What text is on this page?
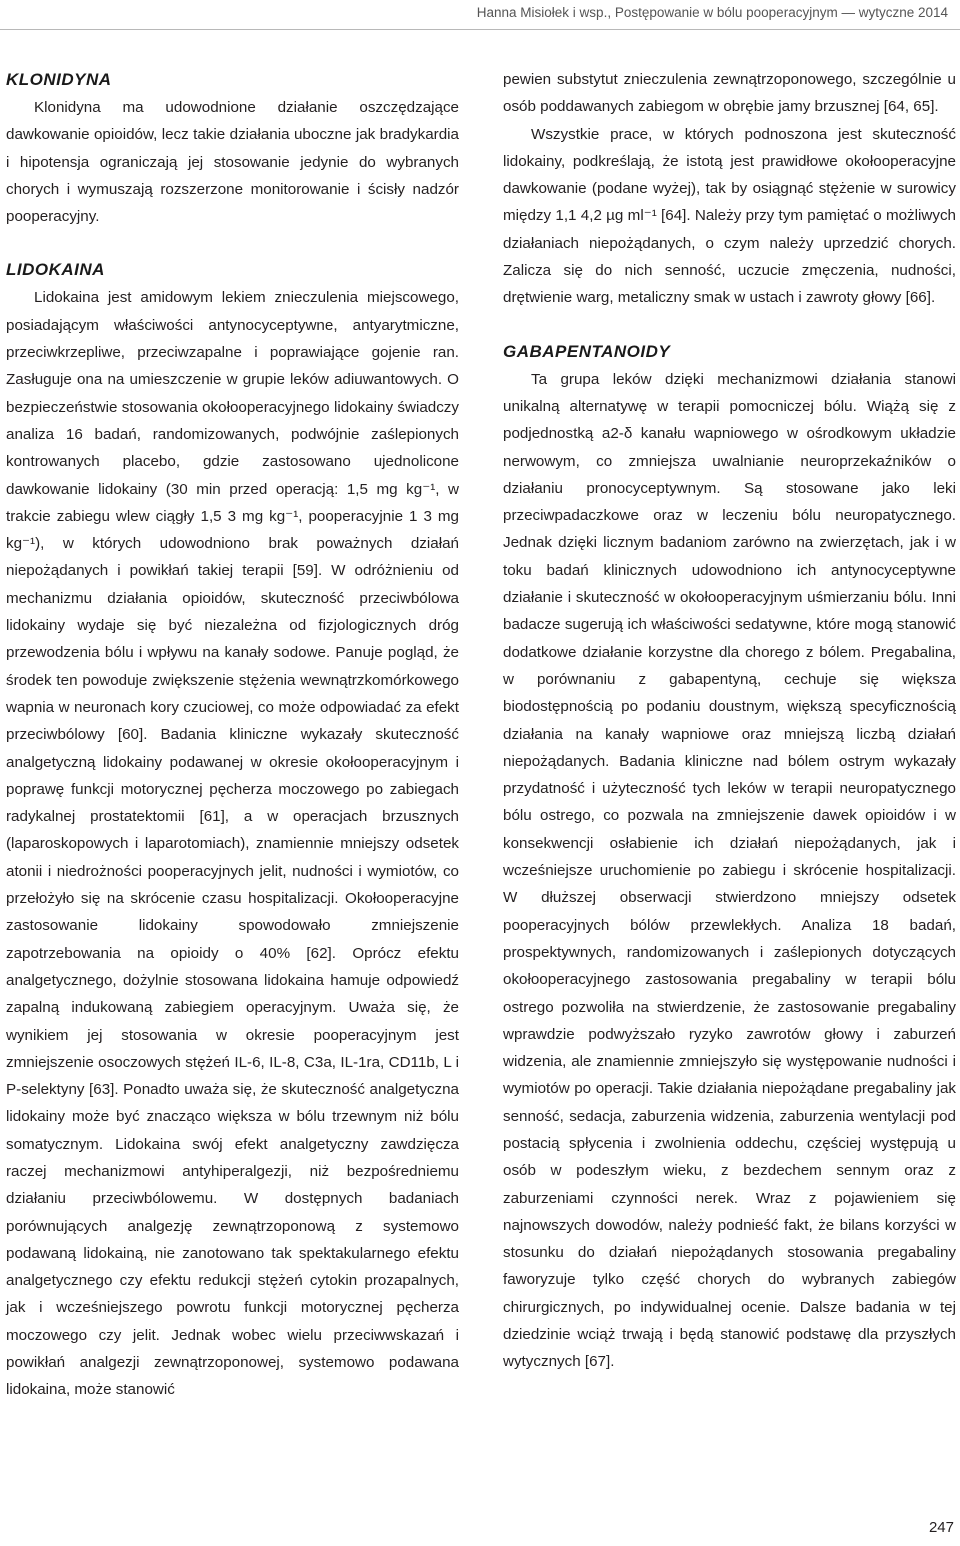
Hanna Misiołek i wsp., Postępowanie w bólu pooperacyjnym — wytyczne 2014
KLONIDYNA

Klonidyna ma udowodnione działanie oszczędzające dawkowanie opioidów, lecz takie działania uboczne jak bradykardia i hipotensja ograniczają jej stosowanie jedynie do wybranych chorych i wymuszają rozszerzone monitorowanie i ścisły nadzór pooperacyjny.

LIDOKAINA

Lidokaina jest amidowym lekiem znieczulenia miejscowego, posiadającym właściwości antynocyceptywne, antyarytmiczne, przeciwkrzepliwe, przeciwzapalne i poprawiające gojenie ran. Zasługuje ona na umieszczenie w grupie leków adiuwantowych. O bezpieczeństwie stosowania okołooperacyjnego lidokainy świadczy analiza 16 badań, randomizowanych, podwójnie zaślepionych kontrowanych placebo, gdzie zastosowano ujednolicone dawkowanie lidokainy (30 min przed operacją: 1,5 mg kg⁻¹, w trakcie zabiegu wlew ciągły 1,5 3 mg kg⁻¹, pooperacyjnie 1 3 mg kg⁻¹), w których udowodniono brak poważnych działań niepożądanych i powikłań takiej terapii [59]. W odróżnieniu od mechanizmu działania opioidów, skuteczność przeciwbólowa lidokainy wydaje się być niezależna od fizjologicznych dróg przewodzenia bólu i wpływu na kanały sodowe. Panuje pogląd, że środek ten powoduje zwiększenie stężenia wewnątrzkomórkowego wapnia w neuronach kory czuciowej, co może odpowiadać za efekt przeciwbólowy [60]. Badania kliniczne wykazały skuteczność analgetyczną lidokainy podawanej w okresie okołooperacyjnym i poprawę funkcji motorycznej pęcherza moczowego po zabiegach radykalnej prostatektomii [61], a w operacjach brzusznych (laparoskopowych i laparotomiach), znamiennie mniejszy odsetek atonii i niedrożności pooperacyjnych jelit, nudności i wymiotów, co przełożyło się na skrócenie czasu hospitalizacji. Okołooperacyjne zastosowanie lidokainy spowodowało zmniejszenie zapotrzebowania na opioidy o 40% [62]. Oprócz efektu analgetycznego, dożylnie stosowana lidokaina hamuje odpowiedź zapalną indukowaną zabiegiem operacyjnym. Uważa się, że wynikiem jej stosowania w okresie pooperacyjnym jest zmniejszenie osoczowych stężeń IL-6, IL-8, C3a, IL-1ra, CD11b, L i P-selektyny [63]. Ponadto uważa się, że skuteczność analgetyczna lidokainy może być znacząco większa w bólu trzewnym niż bólu somatycznym. Lidokaina swój efekt analgetyczny zawdzięcza raczej mechanizmowi antyhiperalgezji, niż bezpośredniemu działaniu przeciwbólowemu. W dostępnych badaniach porównujących analgezję zewnątrzoponową z systemowo podawaną lidokainą, nie zanotowano tak spektakularnego efektu analgetycznego czy efektu redukcji stężeń cytokin prozapalnych, jak i wcześniejszego powrotu funkcji motorycznej pęcherza moczowego czy jelit. Jednak wobec wielu przeciwwskazań i powikłań analgezji zewnątrzoponowej, systemowo podawana lidokaina, może stanowić

pewien substytut znieczulenia zewnątrzoponowego, szczególnie u osób poddawanych zabiegom w obrębie jamy brzusznej [64, 65].

Wszystkie prace, w których podnoszona jest skuteczność lidokainy, podkreślają, że istotą jest prawidłowe okołooperacyjne dawkowanie (podane wyżej), tak by osiągnąć stężenie w surowicy między 1,1 4,2 µg ml⁻¹ [64]. Należy przy tym pamiętać o możliwych działaniach niepożądanych, o czym należy uprzedzić chorych. Zalicza się do nich senność, uczucie zmęczenia, nudności, drętwienie warg, metaliczny smak w ustach i zawroty głowy [66].

GABAPENTANOIDY

Ta grupa leków dzięki mechanizmowi działania stanowi unikalną alternatywę w terapii pomocniczej bólu. Wiążą się z podjednostką a2-δ kanału wapniowego w ośrodkowym układzie nerwowym, co zmniejsza uwalnianie neuroprzekaźników o działaniu pronocyceptywnym. Są stosowane jako leki przeciwpadaczkowe oraz w leczeniu bólu neuropatycznego. Jednak dzięki licznym badaniom zarówno na zwierzętach, jak i w toku badań klinicznych udowodniono ich antynocyceptywne działanie i skuteczność w okołooperacyjnym uśmierzaniu bólu. Inni badacze sugerują ich właściwości sedatywne, które mogą stanowić dodatkowe działanie korzystne dla chorego z bólem. Pregabalina, w porównaniu z gabapentyną, cechuje się większa biodostępnością po podaniu doustnym, większą specyficznością działania na kanały wapniowe oraz mniejszą liczbą działań niepożądanych. Badania kliniczne nad bólem ostrym wykazały przydatność i użyteczność tych leków w terapii neuropatycznego bólu ostrego, co pozwala na zmniejszenie dawek opioidów i w konsekwencji osłabienie ich działań niepożądanych, jak i wcześniejsze uruchomienie po zabiegu i skrócenie hospitalizacji. W dłuższej obserwacji stwierdzono mniejszy odsetek pooperacyjnych bólów przewlekłych. Analiza 18 badań, prospektywnych, randomizowanych i zaślepionych dotyczących okołooperacyjnego zastosowania pregabaliny w terapii bólu ostrego pozwoliła na stwierdzenie, że zastosowanie pregabaliny wprawdzie podwyższało ryzyko zawrotów głowy i zaburzeń widzenia, ale znamiennie zmniejszyło się występowanie nudności i wymiotów po operacji. Takie działania niepożądane pregabaliny jak senność, sedacja, zaburzenia widzenia, zaburzenia wentylacji pod postacią spłycenia i zwolnienia oddechu, częściej występują u osób w podeszłym wieku, z bezdechem sennym oraz z zaburzeniami czynności nerek. Wraz z pojawieniem się najnowszych dowodów, należy podnieść fakt, że bilans korzyści w stosunku do działań niepożądanych stosowania pregabaliny faworyzuje tylko część chorych do wybranych zabiegów chirurgicznych, po indywidualnej ocenie. Dalsze badania w tej dziedzinie wciąż trwają i będą stanowić podstawę dla przyszłych wytycznych [67].

247
